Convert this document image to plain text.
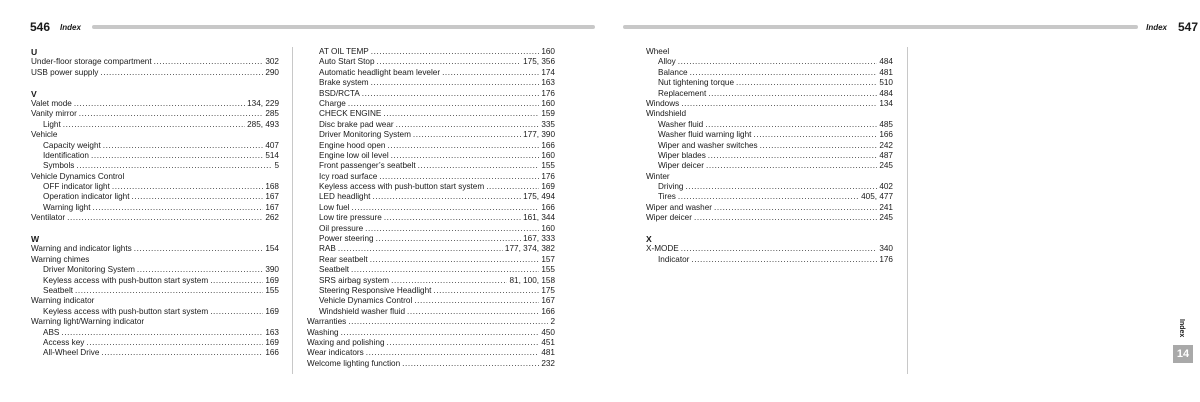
546 Index	Index 547
U
Under-floor storage compartment .....	302
USB power supply .....	290
V
Valet mode .....	134, 229
Vanity mirror .....	285
Light .....	285, 493
Vehicle
Capacity weight .....	407
Identification .....	514
Symbols .....	5
Vehicle Dynamics Control
OFF indicator light .....	168
Operation indicator light .....	167
Warning light .....	167
Ventilator .....	262
W
Warning and indicator lights .....	154
Warning chimes
Driver Monitoring System .....	390
Keyless access with push-button start system .....	169
Seatbelt .....	155
Warning indicator
Keyless access with push-button start system .....	169
Warning light/Warning indicator
ABS .....	163
Access key .....	169
All-Wheel Drive .....	166
AT OIL TEMP .....	160
Auto Start Stop .....	175, 356
Automatic headlight beam leveler .....	174
Brake system .....	163
BSD/RCTA .....	176
Charge .....	160
CHECK ENGINE .....	159
Disc brake pad wear .....	335
Driver Monitoring System .....	177, 390
Engine hood open .....	166
Engine low oil level .....	160
Front passenger’s seatbelt .....	155
Icy road surface .....	176
Keyless access with push-button start system .....	169
LED headlight .....	175, 494
Low fuel .....	166
Low tire pressure .....	161, 344
Oil pressure .....	160
Power steering .....	167, 333
RAB .....	177, 374, 382
Rear seatbelt .....	157
Seatbelt .....	155
SRS airbag system .....	81, 100, 158
Steering Responsive Headlight .....	175
Vehicle Dynamics Control .....	167
Windshield washer fluid .....	166
Warranties .....	2
Washing .....	450
Waxing and polishing .....	451
Wear indicators .....	481
Welcome lighting function .....	232
Wheel
Alloy .....	484
Balance .....	481
Nut tightening torque .....	510
Replacement .....	484
Windows .....	134
Windshield
Washer fluid .....	485
Washer fluid warning light .....	166
Wiper and washer switches .....	242
Wiper blades .....	487
Wiper deicer .....	245
Winter
Driving .....	402
Tires .....	405, 477
Wiper and washer .....	241
Wiper deicer .....	245
X
X-MODE .....	340
Indicator .....	176
Index
14
